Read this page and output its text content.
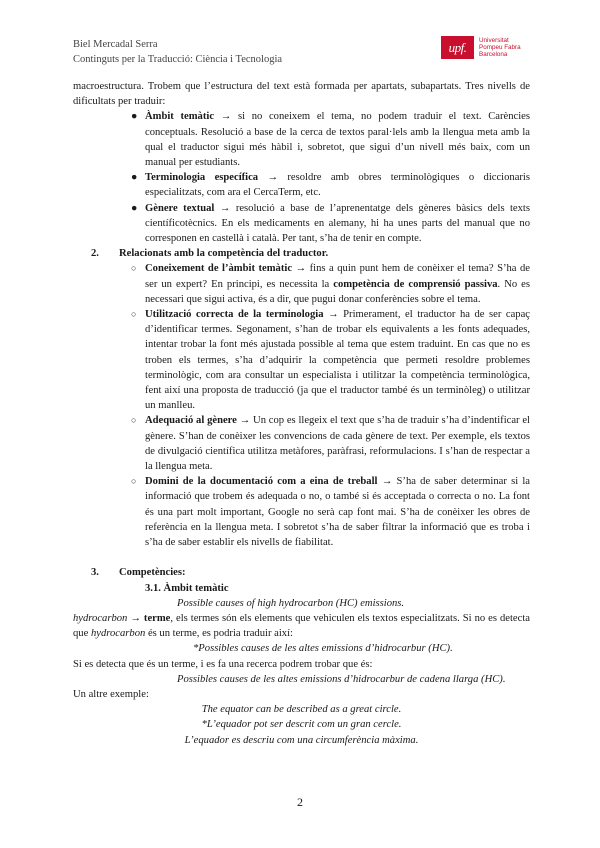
Biel Mercadal Serra
Continguts per la Traducció: Ciència i Tecnologia
upf.	Universitat
Pompeu Fabra
Barcelona

macroestructura. Trobem que l’estructura del text està formada per apartats, subapartats. Tres nivells de dificultats per traduir:

● Àmbit temàtic → si no coneixem el tema, no podem traduir el text. Carències conceptuals. Resolució a base de la cerca de textos paral·lels amb la llengua meta amb la qual el traductor sigui més hàbil i, sobretot, que sigui d’un nivell més baix, com un manual per estudiants.
● Terminologia específica → resoldre amb obres terminològiques o diccionaris especialitzats, com ara el CercaTerm, etc.
● Gènere textual → resolució a base de l’aprenentatge dels gèneres bàsics dels texts científicotècnics. En els medicaments en alemany, hi ha unes parts del manual que no corresponen en castellà i català. Per tant, s’ha de tenir en compte.
2.	Relacionats amb la competència del traductor.
○ Coneixement de l’àmbit temàtic → fins a quin punt hem de conèixer el tema? S’ha de ser un expert? En principi, es necessita la competència de comprensió passiva. No es necessari que sigui activa, és a dir, que pugui donar conferències sobre el tema.
○ Utilització correcta de la terminologia → Primerament, el traductor ha de ser capaç d’identificar termes. Segonament, s’han de trobar els equivalents a les fonts adequades, intentar trobar la font més ajustada possible al tema que estem traduint. En cas que no es troben els termes, s’ha d’adquirir la competència que permeti resoldre problemes terminològic, com ara consultar un especialista i utilitzar la competència terminològica, fent així una proposta de traducció (ja que el traductor també és un terminòleg) o utilitzar un manlleu.
○ Adequació al gènere → Un cop es llegeix el text que s’ha de traduir s’ha d’indentificar el gènere. S’han de conèixer les convencions de cada gènere de text. Per exemple, els textos de divulgació científica utilitza metàfores, paràfrasi, reformulacions. I s’han de respectar a la llengua meta.
○ Domini de la documentació com a eina de treball → S’ha de saber determinar si la informació que trobem és adequada o no, o també si és acceptada o correcta o no. La font és una part molt important, Google no serà cap font mai. S’ha de conèixer les obres de referència en la llengua meta. I sobretot s’ha de saber filtrar la informació que es troba i s’ha de saber establir els nivells de fiabilitat.
3.	Competències:

3.1. Àmbit temàtic

Possible causes of high hydrocarbon (HC) emissions.

hydrocarbon → terme, els termes són els elements que vehiculen els textos especialitzats. Si no es detecta que hydrocarbon és un terme, es podria traduir així:

*Possibles causes de les altes emissions d’hidrocarbur (HC).

Si es detecta que és un terme, i es fa una recerca podrem trobar que és:

Possibles causes de les altes emissions d’hidrocarbur de cadena llarga (HC).

Un altre exemple:

The equator can be described as a great circle.

*L’equador pot ser descrit com un gran cercle.

L’equador es descriu com una circumferència màxima.

2
